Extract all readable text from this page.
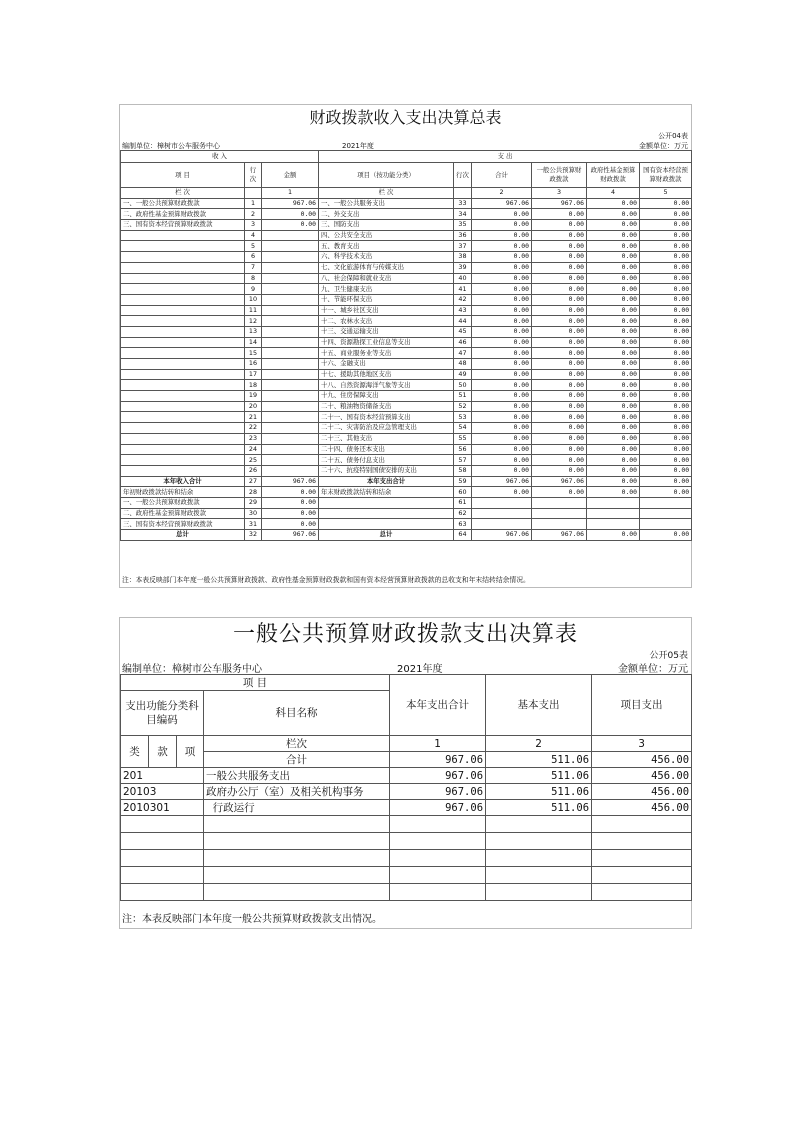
财政拨款收入支出决算总表
公开04表
编制单位：樟树市公车服务中心	2021年度	金额单位：万元
收 入			支 出					
项 目	行次	金额	项目（按功能分类）	行次	合计	一般公共预算财政拨款	政府性基金预算财政拨款	国有资本经营预算财政拨款
栏 次		1	栏 次		2	3	4	5
一、一般公共预算财政拨款	1	967.06	一、一般公共服务支出	33	967.06	967.06	0.00	0.00
二、政府性基金预算财政拨款	2	0.00	二、外交支出	34	0.00	0.00	0.00	0.00
三、国有资本经营预算财政拨款	3	0.00	三、国防支出	35	0.00	0.00	0.00	0.00
	4		四、公共安全支出	36	0.00	0.00	0.00	0.00
	5		五、教育支出	37	0.00	0.00	0.00	0.00
	6		六、科学技术支出	38	0.00	0.00	0.00	0.00
	7		七、文化旅游体育与传媒支出	39	0.00	0.00	0.00	0.00
	8		八、社会保障和就业支出	40	0.00	0.00	0.00	0.00
	9		九、卫生健康支出	41	0.00	0.00	0.00	0.00
	10		十、节能环保支出	42	0.00	0.00	0.00	0.00
	11		十一、城乡社区支出	43	0.00	0.00	0.00	0.00
	12		十二、农林水支出	44	0.00	0.00	0.00	0.00
	13		十三、交通运输支出	45	0.00	0.00	0.00	0.00
	14		十四、资源勘探工业信息等支出	46	0.00	0.00	0.00	0.00
	15		十五、商业服务业等支出	47	0.00	0.00	0.00	0.00
	16		十六、金融支出	48	0.00	0.00	0.00	0.00
	17		十七、援助其他地区支出	49	0.00	0.00	0.00	0.00
	18		十八、自然资源海洋气象等支出	50	0.00	0.00	0.00	0.00
	19		十九、住房保障支出	51	0.00	0.00	0.00	0.00
	20		二十、粮油物资储备支出	52	0.00	0.00	0.00	0.00
	21		二十一、国有资本经营预算支出	53	0.00	0.00	0.00	0.00
	22		二十二、灾害防治及应急管理支出	54	0.00	0.00	0.00	0.00
	23		二十三、其他支出	55	0.00	0.00	0.00	0.00
	24		二十四、债务还本支出	56	0.00	0.00	0.00	0.00
	25		二十五、债务付息支出	57	0.00	0.00	0.00	0.00
	26		二十六、抗疫特别国债安排的支出	58	0.00	0.00	0.00	0.00
本年收入合计	27	967.06	本年支出合计	59	967.06	967.06	0.00	0.00
年初财政拨款结转和结余	28	0.00	年末财政拨款结转和结余	60	0.00	0.00	0.00	0.00
一、一般公共预算财政拨款	29	0.00		61				
二、政府性基金预算财政拨款	30	0.00		62				
三、国有资本经营预算财政拨款	31	0.00		63				
总计	32	967.06	总计	64	967.06	967.06	0.00	0.00
注：本表反映部门本年度一般公共预算财政拨款、政府性基金预算财政拨款和国有资本经营预算财政拨款的总收支和年末结转结余情况。
一般公共预算财政拨款支出决算表
公开05表
编制单位：樟树市公车服务中心	2021年度	金额单位：万元
项 目				本年支出合计	基本支出	项目支出
支出功能分类科目编码			科目名称			

类	款	项	栏次	1	2	3
			合计	967.06	511.06	456.00
201			一般公共服务支出	967.06	511.06	456.00
20103			政府办公厅（室）及相关机构事务	967.06	511.06	456.00
2010301			行政运行	967.06	511.06	456.00

注：本表反映部门本年度一般公共预算财政拨款支出情况。
